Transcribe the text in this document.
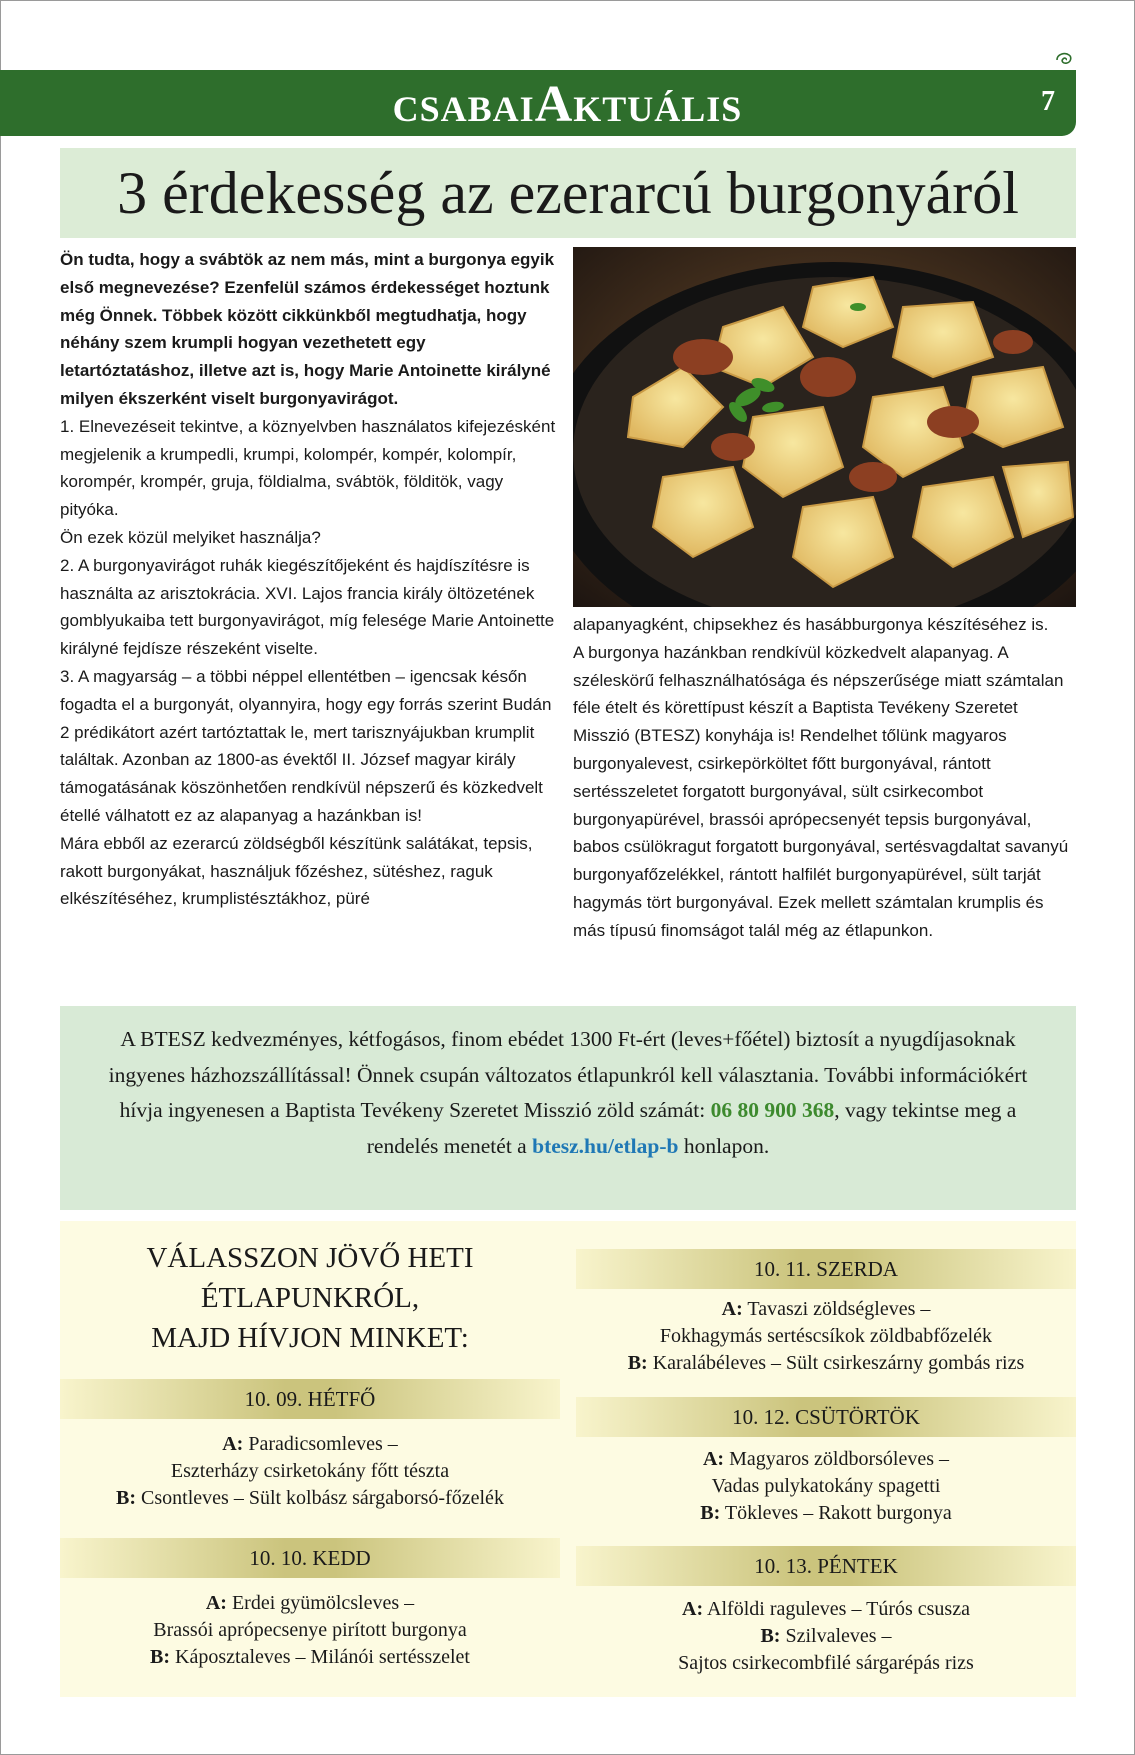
CSABAIAKTUÁLIS	7
3 érdekesség az ezerarcú burgonyáról

Ön tudta, hogy a svábtök az nem más, mint a burgonya egyik első megnevezése? Ezenfelül számos érdekességet hoztunk még Önnek. Többek között cikkünkből megtudhatja, hogy néhány szem krumpli hogyan vezethetett egy letartóztatáshoz, illetve azt is, hogy Marie Antoinette királyné milyen ékszerként viselt burgonyavirágot.

1. Elnevezéseit tekintve, a köznyelvben használatos kifejezésként megjelenik a krumpedli, krumpi, kolompér, kompér, kolompír, korompér, krompér, gruja, földialma, svábtök, földitök, vagy pityóka.

Ön ezek közül melyiket használja?

2. A burgonyavirágot ruhák kiegészítőjeként és hajdíszítésre is használta az arisztokrácia. XVI. Lajos francia király öltözetének gomblyukaiba tett burgonyavirágot, míg felesége Marie Antoinette királyné fejdísze részeként viselte.

3. A magyarság – a többi néppel ellentétben – igencsak későn fogadta el a burgonyát, olyannyira, hogy egy forrás szerint Budán 2 prédikátort azért tartóztattak le, mert tarisznyájukban krumplit találtak. Azonban az 1800-as évektől II. József magyar király támogatásának köszönhetően rendkívül népszerű és közkedvelt étellé válhatott ez az alapanyag a hazánkban is!

Mára ebből az ezerarcú zöldségből készítünk salátákat, tepsis, rakott burgonyákat, használjuk főzéshez, sütéshez, raguk elkészítéséhez, krumplistésztákhoz, püré

alapanyagként, chipsekhez és hasábburgonya készítéséhez is.

A burgonya hazánkban rendkívül közkedvelt alapanyag. A széleskörű felhasználhatósága és népszerűsége miatt számtalan féle ételt és körettípust készít a Baptista Tevékeny Szeretet Misszió (BTESZ) konyhája is! Rendelhet tőlünk magyaros burgonyalevest, csirkepörköltet főtt burgonyával, rántott sertésszeletet forgatott burgonyával, sült csirkecombot burgonyapürével, brassói aprópecsenyét tepsis burgonyával, babos csülökragut forgatott burgonyával, sertésvagdaltat savanyú burgonyafőzelékkel, rántott halfilét burgonyapürével, sült tarját hagymás tört burgonyával. Ezek mellett számtalan krumplis és más típusú finomságot talál még az étlapunkon.

A BTESZ kedvezményes, kétfogásos, finom ebédet 1300 Ft-ért (leves+főétel) biztosít a nyugdíjasoknak ingyenes házhozszállítással! Önnek csupán változatos étlapunkról kell választania. További információkért hívja ingyenesen a Baptista Tevékeny Szeretet Misszió zöld számát: 06 80 900 368, vagy tekintse meg a rendelés menetét a btesz.hu/etlap-b honlapon.
VÁLASSZON JÖVŐ HETI
ÉTLAPUNKRÓL,
MAJD HÍVJON MINKET:
10. 09. HÉTFŐ
A: Paradicsomleves –
Eszterházy csirketokány főtt tészta
B: Csontleves – Sült kolbász sárgaborsó-főzelék
10. 10. KEDD
A: Erdei gyümölcsleves –
Brassói aprópecsenye pirított burgonya
B: Káposztaleves – Milánói sertésszelet
10. 11. SZERDA
A: Tavaszi zöldségleves –
Fokhagymás sertéscsíkok zöldbabfőzelék
B: Karalábéleves – Sült csirkeszárny gombás rizs
10. 12. CSÜTÖRTÖK
A: Magyaros zöldborsóleves –
Vadas pulykatokány spagetti
B: Tökleves – Rakott burgonya
10. 13. PÉNTEK
A: Alföldi raguleves – Túrós csusza
B: Szilvaleves –
Sajtos csirkecombfilé sárgarépás rizs
